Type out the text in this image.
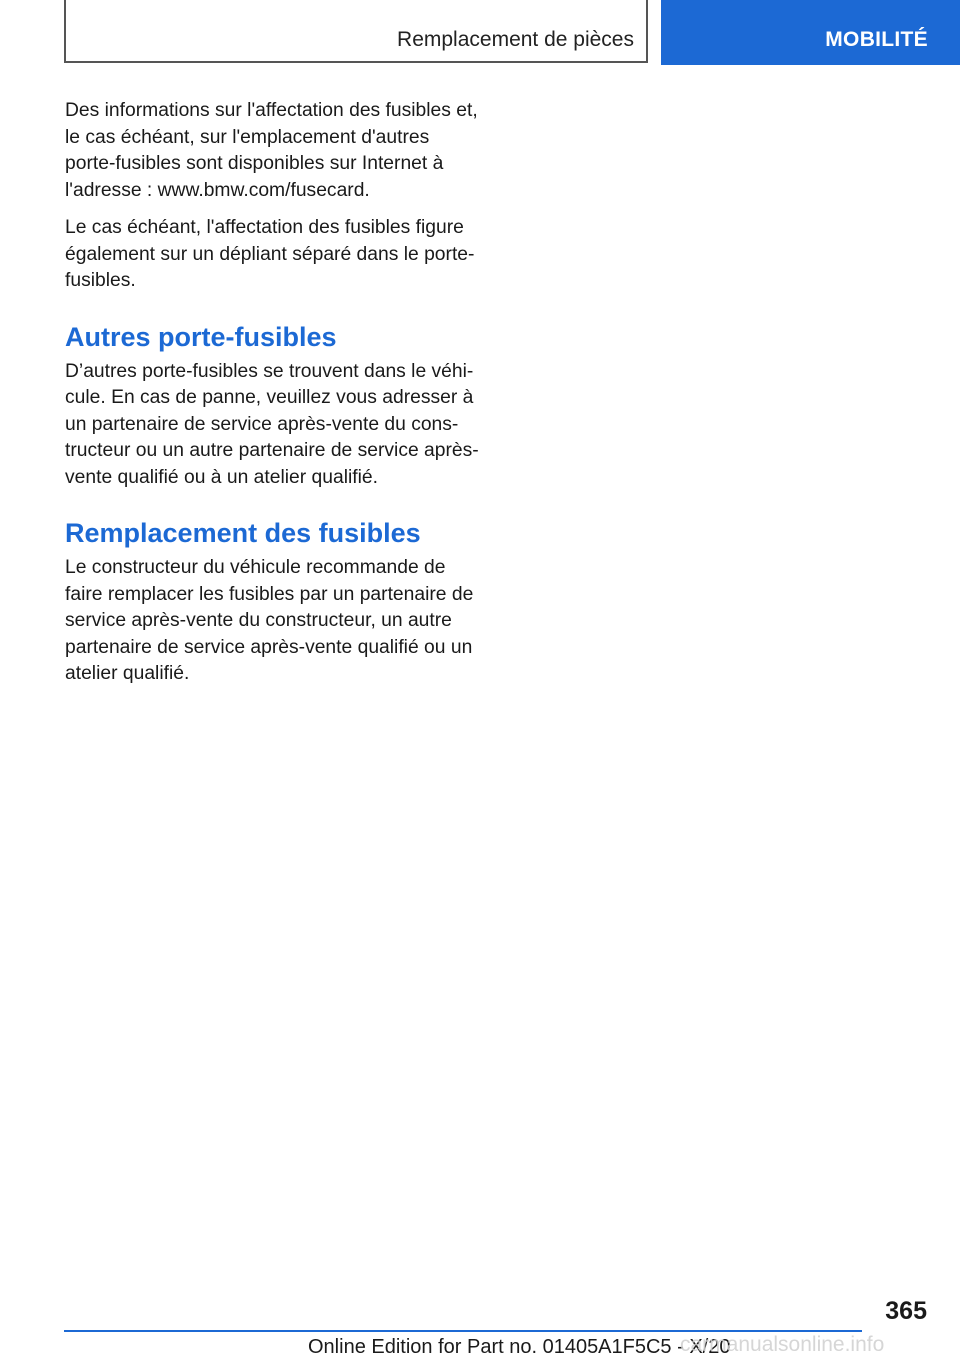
Remplacement de pièces	MOBILITÉ

Des informations sur l'affectation des fusibles et,
le cas échéant, sur l'emplacement d'autres
porte-fusibles sont disponibles sur Internet à
l'adresse : www.bmw.com/fusecard.

Le cas échéant, l'affectation des fusibles figure
également sur un dépliant séparé dans le porte-
fusibles.

Autres porte-fusibles

D’autres porte-fusibles se trouvent dans le véhi-
cule. En cas de panne, veuillez vous adresser à
un partenaire de service après-vente du cons-
tructeur ou un autre partenaire de service après-
vente qualifié ou à un atelier qualifié.

Remplacement des fusibles

Le constructeur du véhicule recommande de
faire remplacer les fusibles par un partenaire de
service après-vente du constructeur, un autre
partenaire de service après-vente qualifié ou un
atelier qualifié.

365
Online Edition for Part no. 01405A1F5C5 - X/20
carmanualsonline.info
